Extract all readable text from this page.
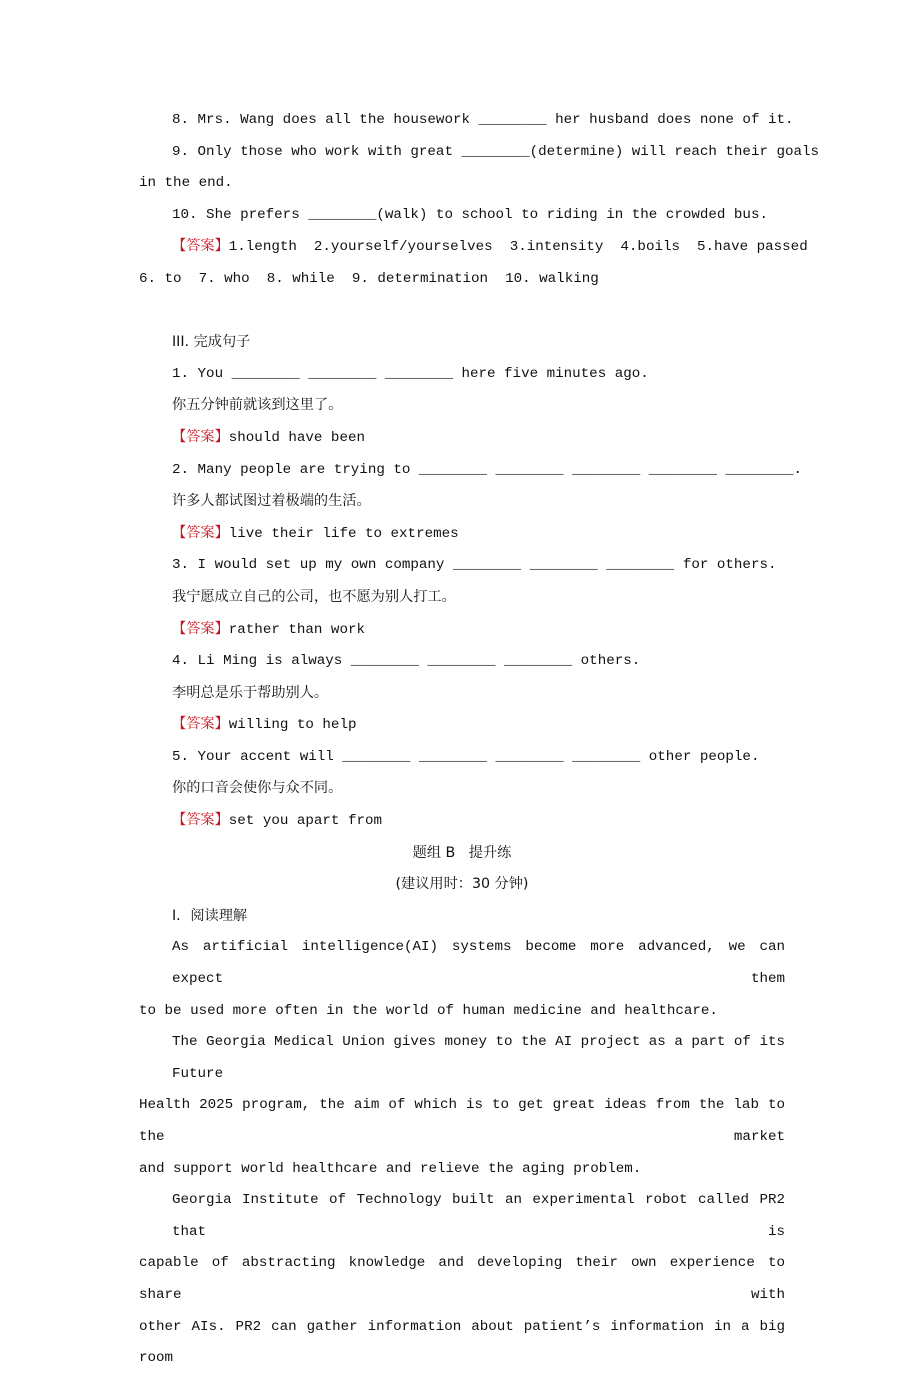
8. Mrs. Wang does all the housework ________ her husband does none of it.

9. Only those who work with great ________(determine) will reach their goals

in the end.

10. She prefers ________(walk) to school to riding in the crowded bus.

【答案】1.length  2.yourself/yourselves  3.intensity  4.boils  5.have passed

6. to  7. who  8. while  9. determination  10. walking

III. 完成句子

1. You ________ ________ ________ here five minutes ago.

你五分钟前就该到这里了。

【答案】should have been

2. Many people are trying to ________ ________ ________ ________ ________.

许多人都试图过着极端的生活。

【答案】live their life to extremes

3. I would set up my own company ________ ________ ________ for others.

我宁愿成立自己的公司，也不愿为别人打工。

【答案】rather than work

4. Li Ming is always ________ ________ ________ others.

李明总是乐于帮助别人。

【答案】willing to help

5. Your accent will ________ ________ ________ ________ other people.

你的口音会使你与众不同。

【答案】set you apart from

题组 B   提升练

(建议用时：30 分钟)

I．阅读理解

As artificial intelligence(AI) systems become more advanced, we can expect them

to be used more often in the world of human medicine and healthcare.

The Georgia Medical Union gives money to the AI project as a part of its Future

Health 2025 program, the aim of which is to get great ideas from the lab to the market

and support world healthcare and relieve the aging problem.

Georgia Institute of Technology built an experimental robot called PR2 that is

capable of abstracting knowledge and developing their own experience to share with

other AIs. PR2 can gather information about patient’s information in a big room
